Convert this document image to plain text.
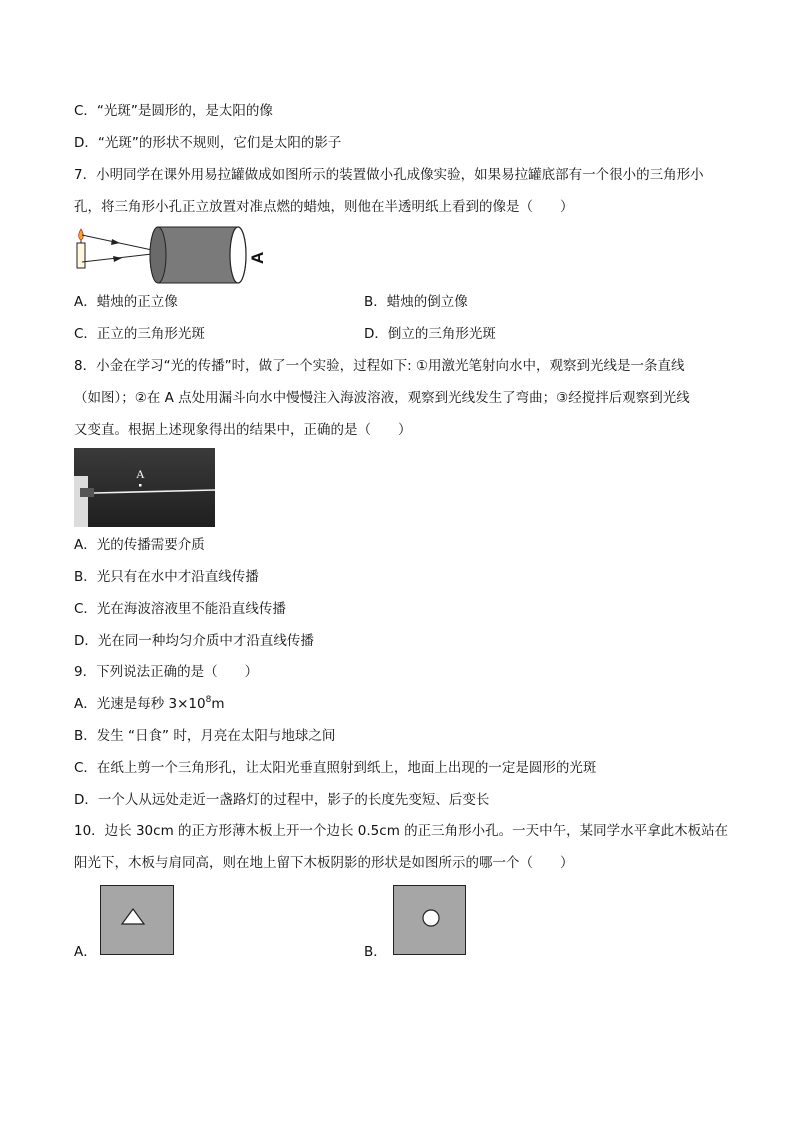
C．“光斑”是圆形的，是太阳的像
D．“光斑”的形状不规则，它们是太阳的影子
7．小明同学在课外用易拉罐做成如图所示的装置做小孔成像实验，如果易拉罐底部有一个很小的三角形小
孔，将三角形小孔正立放置对准点燃的蜡烛，则他在半透明纸上看到的像是（　　）
A
A．蜡烛的正立像	B．蜡烛的倒立像
C．正立的三角形光斑	D．倒立的三角形光斑
8．小金在学习“光的传播”时，做了一个实验，过程如下: ①用激光笔射向水中，观察到光线是一条直线
（如图）；②在 A 点处用漏斗向水中慢慢注入海波溶液，观察到光线发生了弯曲；③经搅拌后观察到光线
又变直。根据上述现象得出的结果中，正确的是（　　）
A
A．光的传播需要介质
B．光只有在水中才沿直线传播
C．光在海波溶液里不能沿直线传播
D．光在同一种均匀介质中才沿直线传播
9．下列说法正确的是（　　）
A．光速是每秒 $3\times 10^8m$
B．发生 “日食” 时，月亮在太阳与地球之间
C．在纸上剪一个三角形孔，让太阳光垂直照射到纸上，地面上出现的一定是圆形的光斑
D．一个人从远处走近一盏路灯的过程中，影子的长度先变短、后变长
10．边长 30cm 的正方形薄木板上开一个边长 0.5cm 的正三角形小孔。一天中午，某同学水平拿此木板站在
阳光下，木板与肩同高，则在地上留下木板阴影的形状是如图所示的哪一个（　　）
A．	B．
